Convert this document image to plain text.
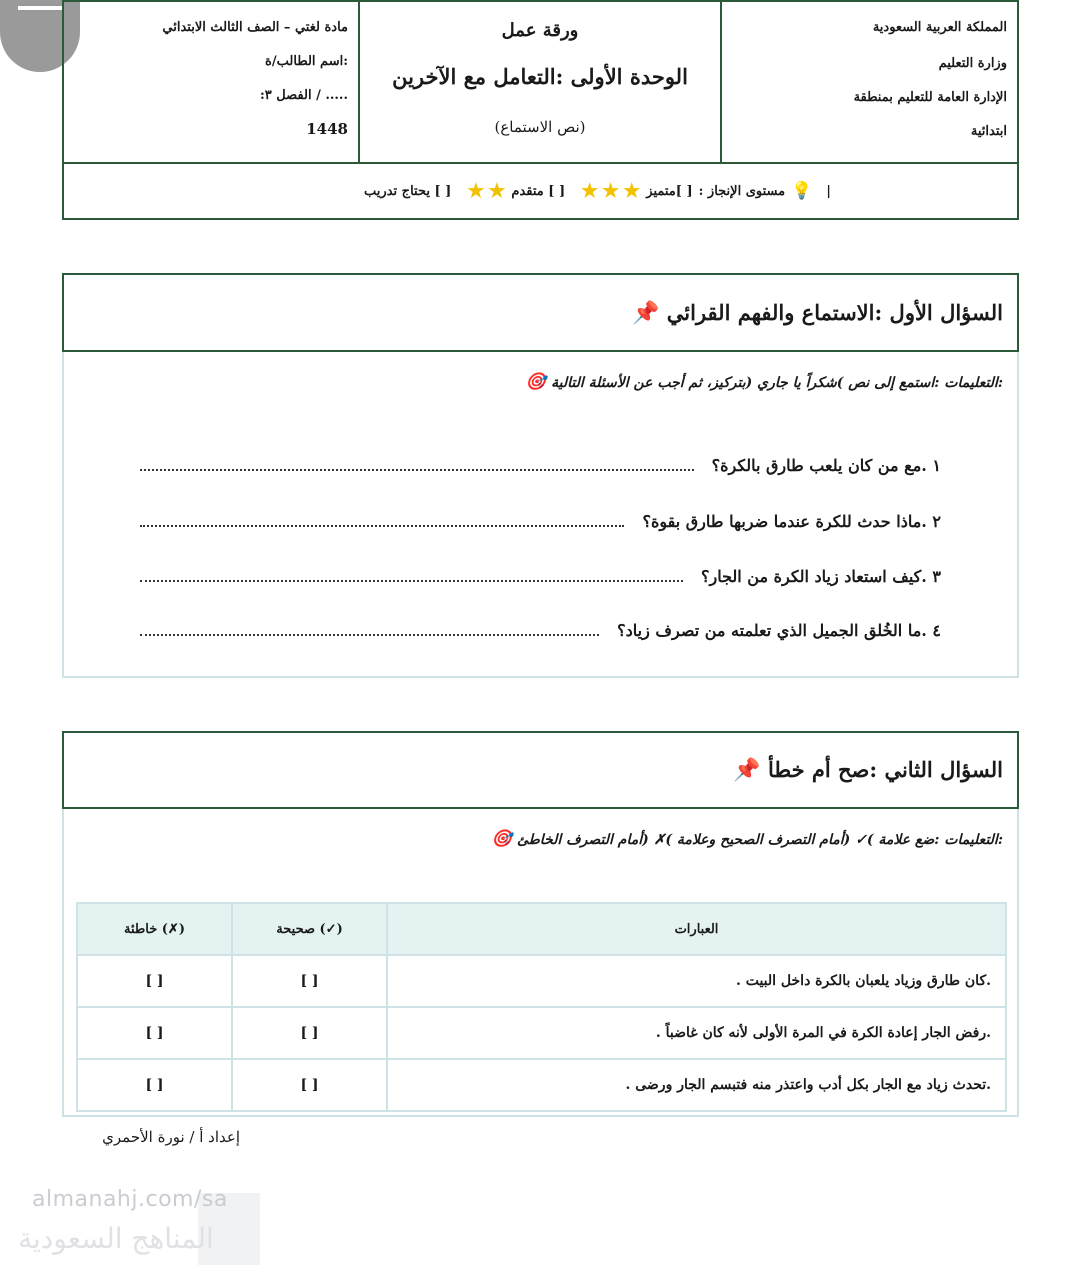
المملكة العربية السعودية
وزارة التعليم
الإدارة العامة للتعليم بمنطقة
ابتدائية
ورقة عمل
الوحدة الأولى :التعامل مع الآخرين
(نص الاستماع)
مادة لغتي – الصف الثالث الابتدائي
:اسم الطالب/ة
..... / الفصل ٣:
1448
|
💡
مستوى الإنجاز :
[ ]متميز
★
★
★
[ ] متقدم
★
★
[ ] يحتاج تدريب
السؤال الأول :الاستماع والفهم القرائي 📌
:التعليمات :استمع إلى نص )شكراً يا جاري (بتركيز، ثم أجب عن الأسئلة التالية 🎯
١ .مع من كان يلعب طارق بالكرة؟
٢ .ماذا حدث للكرة عندما ضربها طارق بقوة؟
٣ .كيف استعاد زياد الكرة من الجار؟
٤ .ما الخُلق الجميل الذي تعلمته من تصرف زياد؟
السؤال الثاني :صح أم خطأ 📌
:التعليمات :ضع علامة )✓ (أمام التصرف الصحيح وعلامة )✗ (أمام التصرف الخاطئ 🎯
العبارات	(✓) صحيحة	(✗) خاطئة
.كان طارق وزياد يلعبان بالكرة داخل البيت .	[ ]	[ ]
.رفض الجار إعادة الكرة في المرة الأولى لأنه كان غاضباً .	[ ]	[ ]
.تحدث زياد مع الجار بكل أدب واعتذر منه فتبسم الجار ورضى .	[ ]	[ ]
إعداد أ / نورة الأحمري
almanahj.com/sa
المناهج السعودية
